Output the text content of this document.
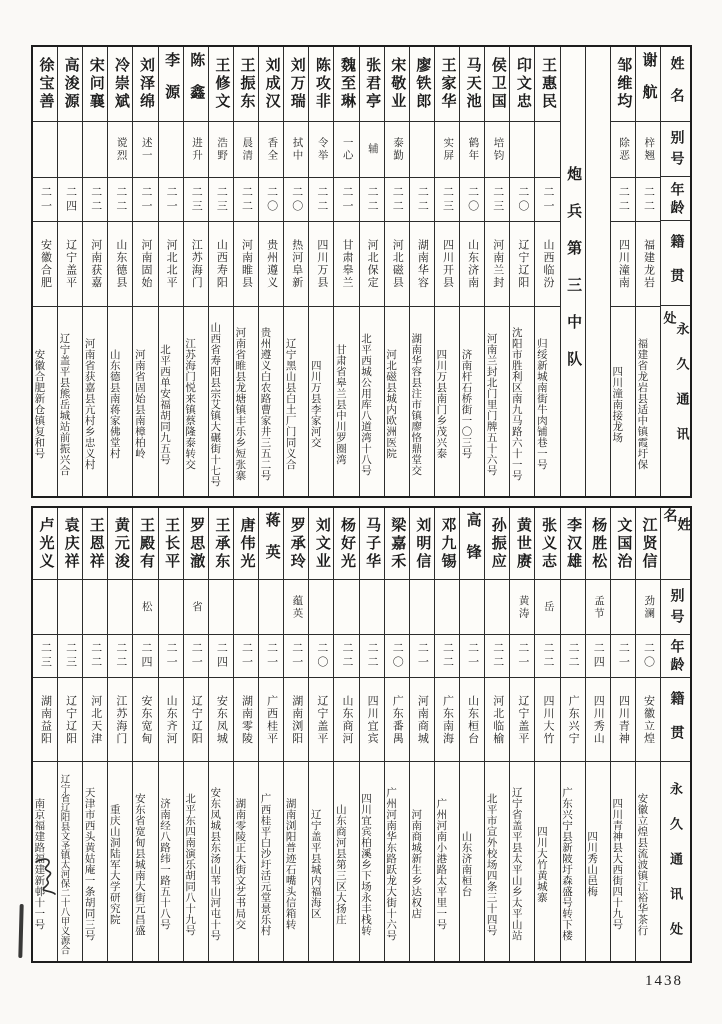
姓名
别号
年龄
籍贯
永久通讯处
谢航
梓翘
二二
福建龙岩
福建省龙岩县适中镇霞圩保
邹维均
除恶
二二
四川潼南
四川潼南接龙场
炮兵第三中队
王惠民
二一
山西临汾
归绥新城南街牛肉铺巷一号
印文忠
二〇
辽宁辽阳
沈阳市胜利区南九马路六十一号
侯卫国
培钧
二三
河南兰封
河南兰封北门里门牌五十六号
马天池
鹤年
二〇
山东济南
济南杆石桥街一〇三号
王家华
实屏
二三
四川开县
四川万县南门乡茂兴泰
廖铁郎
二二
湖南华容
湖南华容县注市镇廖恪鼎堂交
宋敬业
泰勤
二二
河北磁县
河北磁县城内欧洲医院
张君亭
辅
二二
河北保定
北平西城公用库八道湾十八号
魏至琳
一心
二一
甘肃皋兰
甘肃省皋兰县中川罗圈湾
陈攻非
令举
二二
四川万县
四川万县李家河交
刘万瑞
拭中
二〇
热河阜新
辽宁黑山县白土厂门同义合
刘成汉
香全
二〇
贵州遵义
贵州遵义白农路曹家井三五二号
王振东
晨清
二二
河南睢县
河南省睢县龙塘镇丰乐乡短张寨
王修文
浩野
二三
山西寿阳
山西省寿阳县宗艾镇大碾街十七号
陈鑫
进升
二三
江苏海门
江苏海门悦来镇蔡隆泰转交
李源
二一
河北北平
北平西单安福胡同九五号
刘泽绵
述一
二一
河南固始
河南省固始县南樟柏岭
冷崇斌
谠烈
二二
山东德县
山东德县南蒋家佛堂村
宋问襄
二二
河南获嘉
河南省获嘉县亢村乡忠义村
高浚源
二四
辽宁盖平
辽宁盖平县熊岳城站前振兴合
徐宝善
二一
安徽合肥
安徽合肥新仓镇复和号
姓名
别号
年龄
籍贯
永久通讯处
江贤信
劲澜
二〇
安徽立煌
安徽立煌县流波镇江裕华茶行
文国治
二一
四川青神
四川青神县大西街四十九号
杨胜松
孟节
二四
四川秀山
四川秀山邑梅
李汉雄
二二
广东兴宁
广东兴宁县新陂圩森盛号转下楼
张义志
岳
二二
四川大竹
四川大竹黄城寨
黄世赓
黄涛
二一
辽宁盖平
辽宁省盖平县太平山乡太平山站
孙振应
二二
河北临榆
北平市宣外校场四条三十四号
高锋
二一
山东桓台
山东济南桓台
邓九锡
二二
广东南海
广州河南小港路太平里一号
刘明信
二一
河南商城
河南商城新生乡达权店
梁嘉禾
二〇
广东番禺
广州河南华东路跃龙大街十六号
马子华
二二
四川宜宾
四川宜宾柏溪乡下场永丰栈转
杨好光
二二
山东商河
山东商河县第三区大扬庄
刘文业
二〇
辽宁盖平
辽宁盖平县城内福海区
罗承玲
蕴英
二一
湖南浏阳
湖南浏阳普迹石嘴头信箱转
蒋英
二一
广西桂平
广西桂平白沙圩活元堂景乐村
唐伟光
二一
湖南零陵
湖南零陵正大街文艺书局交
王承东
二四
安东凤城
安东凤城县东汤山苇山河屯十号
罗思澈
省
二一
辽宁辽阳
北平东四南演乐胡同八十九号
王长平
二一
山东齐河
济南经八路纬一路五十八号
王殿有
松
二四
安东宽甸
安东省宽甸县城南大街元昌盛
黄元浚
二二
江苏海门
重庆山洞陆军大学研究院
王恩祥
二二
河北天津
天津市西头黄姑庵一条胡同三号
袁庆祥
二三
辽宁辽阳
辽宁省辽阳县文圣镇太河保二十八甲义源合
卢光义
二三
湖南益阳
南京福建路福建新邨十一号
1438
